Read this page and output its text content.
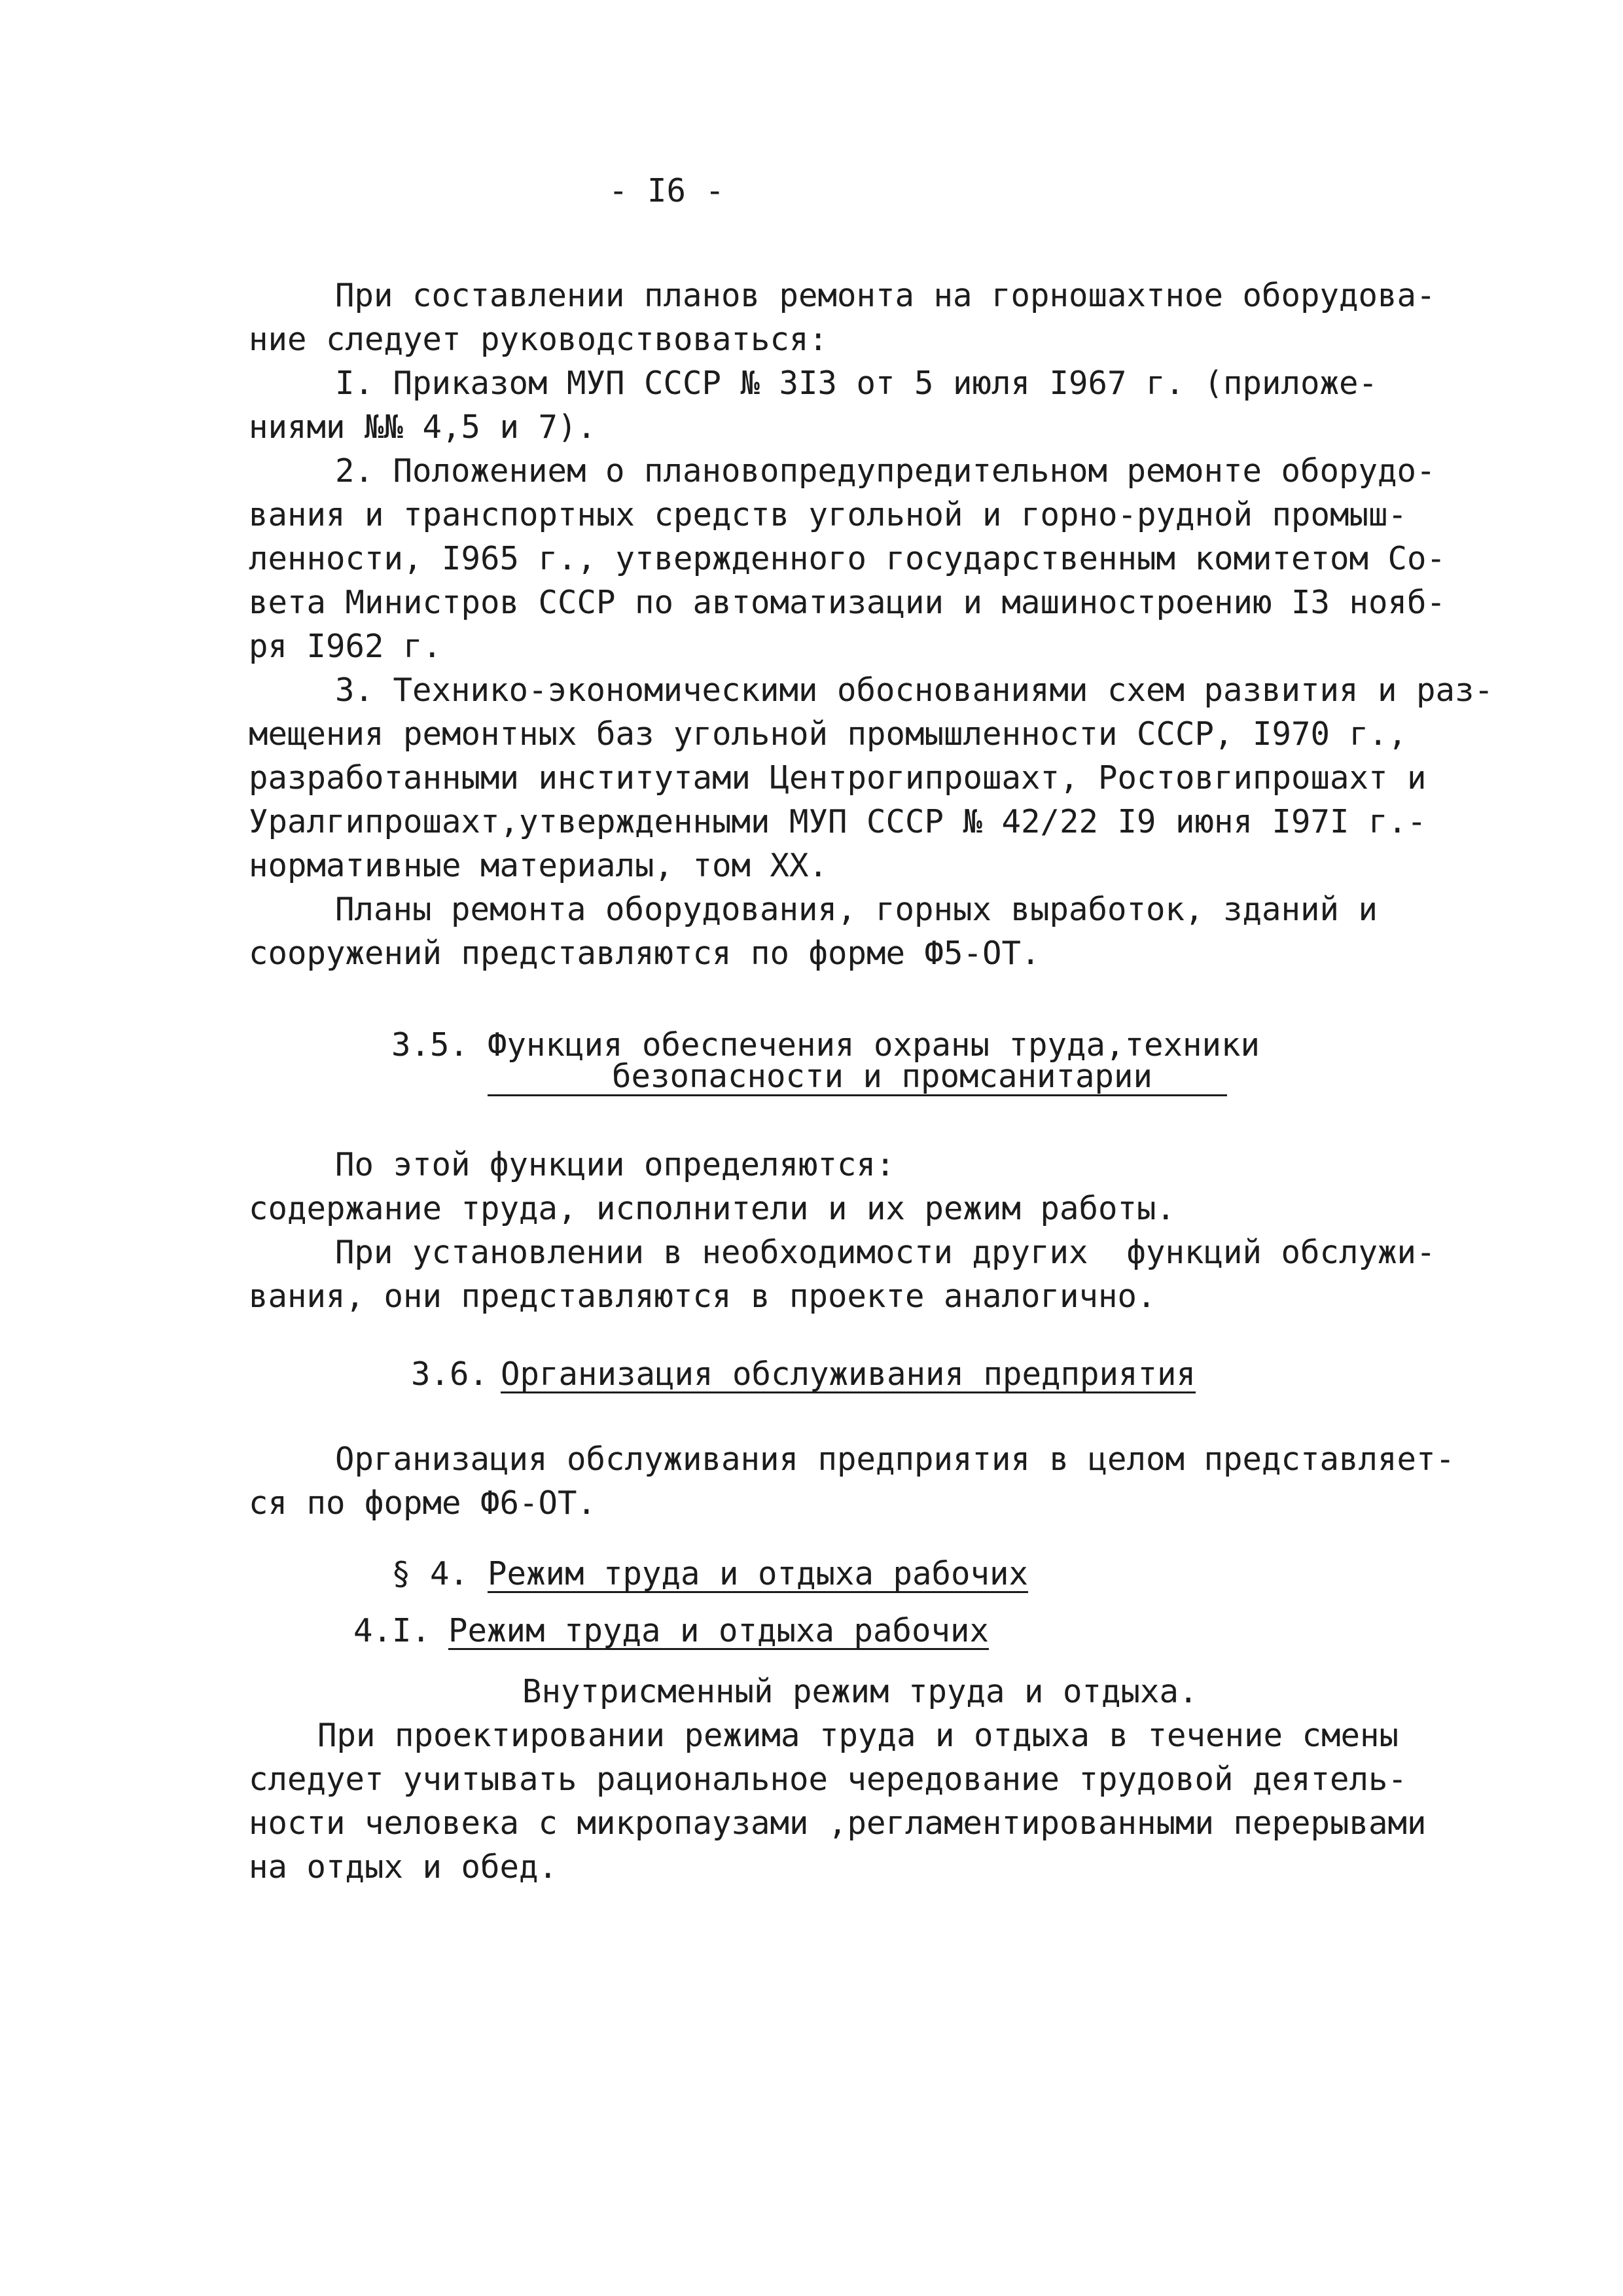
- I6 -

При составлении планов ремонта на горношахтное оборудова-

ние следует руководствоваться:

I. Приказом МУП СССР № 3I3 от 5 июля I967 г. (приложе-

ниями №№ 4,5 и 7).

2. Положением о плановопредупредительном ремонте оборудо-

вания и транспортных средств угольной и горно-рудной промыш-

ленности, I965 г., утвержденного государственным комитетом Со-

вета Министров СССР по автоматизации и машиностроению I3 нояб-

ря I962 г.

3. Технико-экономическими обоснованиями схем развития и раз-

мещения ремонтных баз угольной промышленности СССР, I970 г.,

разработанными институтами Центрогипрошахт, Ростовгипрошахт и

Уралгипрошахт,утвержденными МУП СССР № 42/22 I9 июня I97I г.-

нормативные материалы, том XX.

Планы ремонта оборудования, горных выработок, зданий и

сооружений представляются по форме Ф5-ОТ.

3.5. Функция обеспечения охраны труда,техники

безопасности и промсанитарии

По этой функции определяются:

содержание труда, исполнители и их режим работы.

При установлении в необходимости других  функций обслужи-

вания, они представляются в проекте аналогично.

3.6. Организация обслуживания предприятия

Организация обслуживания предприятия в целом представляет-

ся по форме Ф6-ОТ.

§ 4. Режим труда и отдыха рабочих

4.I. Режим труда и отдыха рабочих

Внутрисменный режим труда и отдыха.

При проектировании режима труда и отдыха в течение смены

следует учитывать рациональное чередование трудовой деятель-

ности человека с микропаузами ,регламентированными перерывами

на отдых и обед.
